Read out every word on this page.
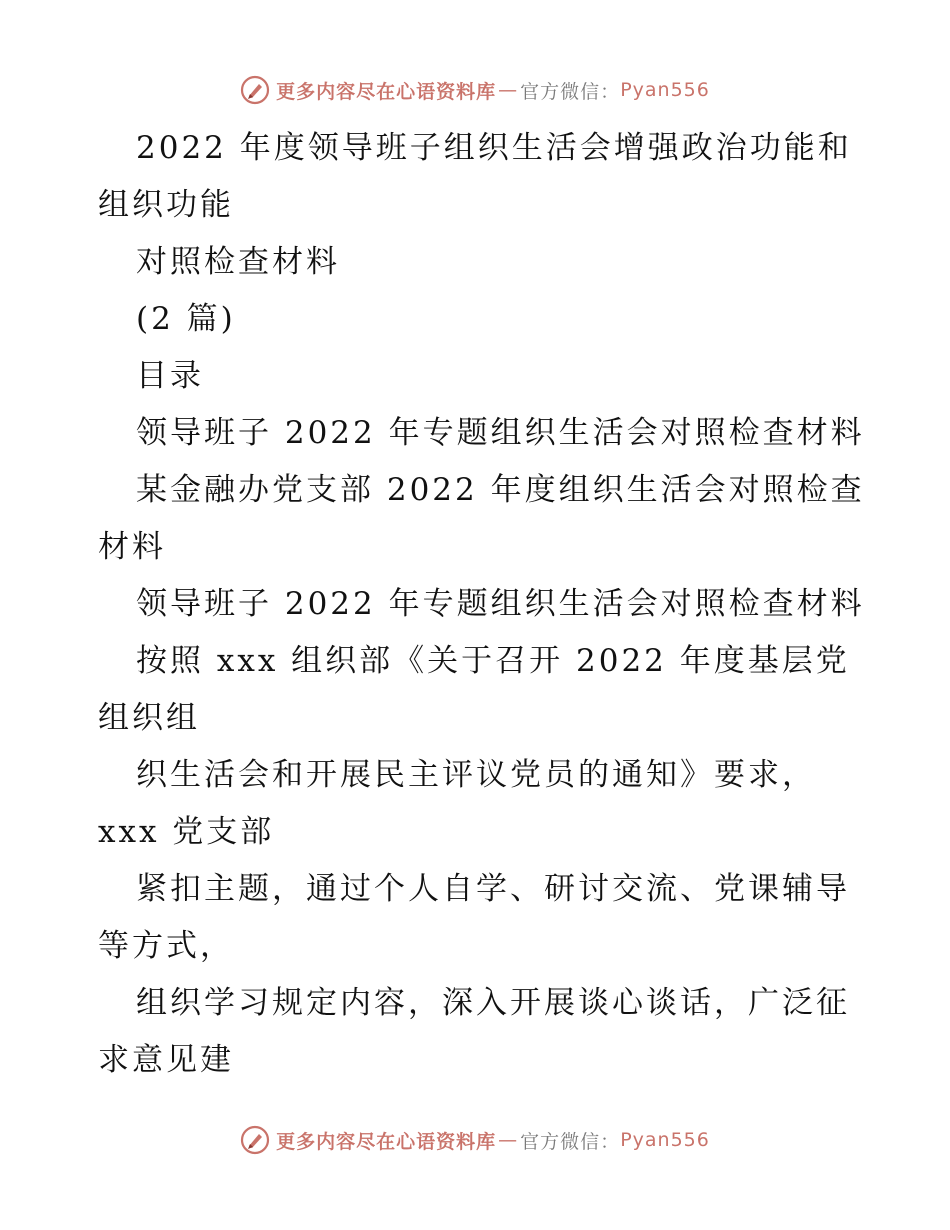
更多内容尽在心语资料库 — 官方微信： Pyan556
2022 年度领导班子组织生活会增强政治功能和
组织功能
对照检查材料
(2 篇)
目录
领导班子 2022 年专题组织生活会对照检查材料
某金融办党支部 2022 年度组织生活会对照检查
材料
领导班子 2022 年专题组织生活会对照检查材料
按照 xxx 组织部《关于召开 2022 年度基层党
组织组
织生活会和开展民主评议党员的通知》要求，
xxx 党支部
紧扣主题，通过个人自学、研讨交流、党课辅导
等方式，
组织学习规定内容，深入开展谈心谈话，广泛征
求意见建
更多内容尽在心语资料库 — 官方微信： Pyan556
